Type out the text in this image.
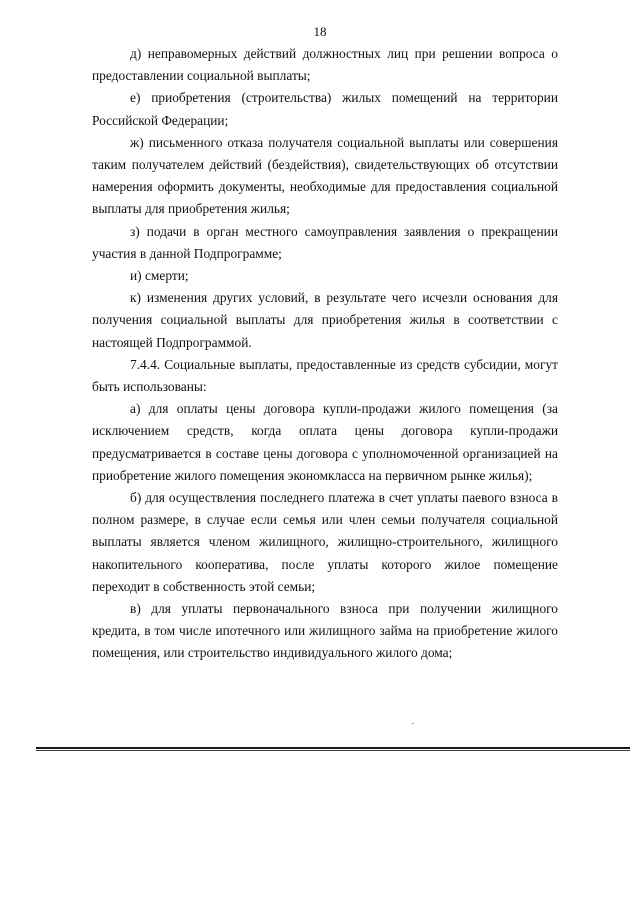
18

д) неправомерных действий должностных лиц при решении вопроса о предоставлении социальной выплаты;

е) приобретения (строительства) жилых помещений на территории Российской Федерации;

ж) письменного отказа получателя социальной выплаты или совершения таким получателем действий (бездействия), свидетельствующих об отсутствии намерения оформить документы, необходимые для предоставления социальной выплаты для приобретения жилья;

з) подачи в орган местного самоуправления заявления о прекращении участия в данной Подпрограмме;

и) смерти;

к) изменения других условий, в результате чего исчезли основания для получения социальной выплаты для приобретения жилья в соответствии с настоящей Подпрограммой.

7.4.4. Социальные выплаты, предоставленные из средств субсидии, могут быть использованы:

а) для оплаты цены договора купли-продажи жилого помещения (за исключением средств, когда оплата цены договора купли-продажи предусматривается в составе цены договора с уполномоченной организацией на приобретение жилого помещения экономкласса на первичном рынке жилья);

б) для осуществления последнего платежа в счет уплаты паевого взноса в полном размере, в случае если семья или член семьи получателя социальной выплаты является членом жилищного, жилищно-строительного, жилищного накопительного кооператива, после уплаты которого жилое помещение переходит в собственность этой семьи;

в) для уплаты первоначального взноса при получении жилищного кредита, в том числе ипотечного или жилищного займа на приобретение жилого помещения, или строительство индивидуального жилого дома;
